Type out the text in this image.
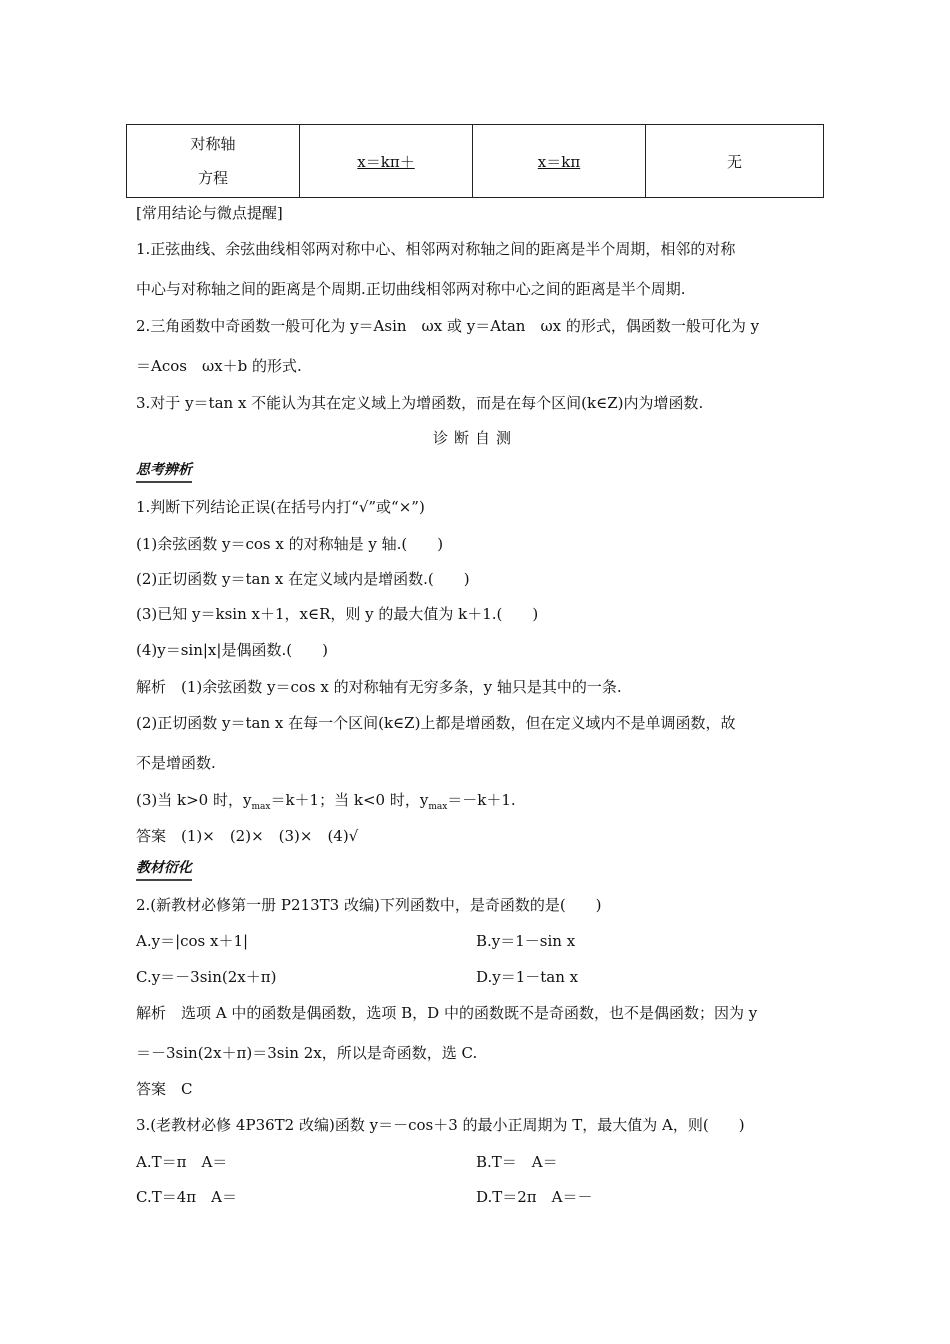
对称轴
方程
	x＝kπ＋	x＝kπ	无
[常用结论与微点提醒]
1.正弦曲线、余弦曲线相邻两对称中心、相邻两对称轴之间的距离是半个周期，相邻的对称
中心与对称轴之间的距离是个周期.正切曲线相邻两对称中心之间的距离是半个周期.
2.三角函数中奇函数一般可化为 y＝Asin　ωx 或 y＝Atan　ωx 的形式，偶函数一般可化为 y
＝Acos　ωx＋b 的形式.
3.对于 y＝tan x 不能认为其在定义域上为增函数，而是在每个区间(k∈Z)内为增函数.
诊断自测
思考辨析
1.判断下列结论正误(在括号内打“√”或“×”)
(1)余弦函数 y＝cos x 的对称轴是 y 轴.(　　)
(2)正切函数 y＝tan x 在定义域内是增函数.(　　)
(3)已知 y＝ksin x＋1，x∈R，则 y 的最大值为 k＋1.(　　)
(4)y＝sin|x|是偶函数.(　　)
解析　(1)余弦函数 y＝cos x 的对称轴有无穷多条，y 轴只是其中的一条.
(2)正切函数 y＝tan x 在每一个区间(k∈Z)上都是增函数，但在定义域内不是单调函数，故
不是增函数.
(3)当 k>0 时，$y_{max}=k+1$；当 k<0 时，$y_{max}=-k+1$.
答案　(1)×　(2)×　(3)×　(4)√
教材衍化
2.(新教材必修第一册 P213T3 改编)下列函数中，是奇函数的是(　　)
A.y＝|cos x＋1|	B.y＝1－sin x
C.y＝－3sin(2x＋π)	D.y＝1－tan x
解析　选项 A 中的函数是偶函数，选项 B，D 中的函数既不是奇函数，也不是偶函数；因为 y
＝－3sin(2x＋π)＝3sin 2x，所以是奇函数，选 C.
答案　C
3.(老教材必修 4P36T2 改编)函数 y＝－cos＋3 的最小正周期为 T，最大值为 A，则(　　)
A.T＝π　A＝	B.T＝　A＝
C.T＝4π　A＝	D.T＝2π　A＝－
